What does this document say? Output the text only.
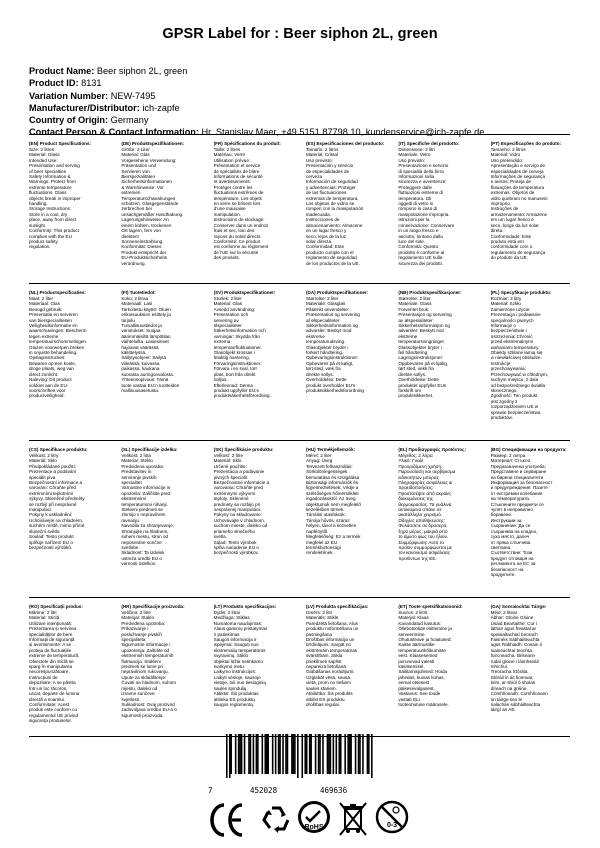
GPSR Label for : Beer siphon 2L, green
Product Name: Beer siphon 2L, green
Product ID: 8131
Variation Number: NEW-7495
Manufacturer/Distributor: ich-zapfe
Country of Origin: Germany
Contact Person & Contact Information: Hr. Stanislav Maer, +49 5151 87798 10, kundenservice@ich-zapfe.de
(EN) Product Specifications:
Size: 2 litres
Material: Glass
Intended Use:
Presentation and serving
of beer specialties
Safety Information &
Warnings: Protect from
extreme temperature
fluctuations. Glass
objects break in improper
handling.
Storage Instructions:
Store in a cool, dry
place, away from direct
sunlight.
Conformity: This product
complies with the EU
product safety
regulation.
(DE) Produktspezifikationen:
Größe: 2 Liter
Material: Glas
Vorgesehene Verwendung:
Präsentation und
Servieren von
Bierspezialitäten
Sicherheitsinformationen
& Warnhinweise: Vor
extremen
Temperaturschwankungen
schützen. Glasgegenstände
zerbrechen bei
unsachgemäßer Handhabung.
Lagerungshinweise: An
einem kühlen, trockenen
Ort lagern, fern von
direktem
Sonneneinstrahlung.
Konformität: Dieses
Produkt entspricht der
EU-Produktsicherheits
verordnung.
(FR) Spécifications du produit:
Taille: 2 litres
Matériau: Verre
Utilisation prévue:
Présentation et service
de spécialités de bière
Informations de sécurité
et avertissements:
Protéger contre les
fluctuations extrêmes de
température. Les objets
en verre se brisent lors
d'une mauvaise
manipulation.
Instructions de stockage:
Conserver dans un endroit
frais et sec, loin des
rayons du soleil directs.
Conformité: Ce produit
est conforme au règlement
de l'UE sur la sécurité
des produits.
(ES) Especificaciones del producto:
Tamaño: 2 litros
Material: Cristal
Uso previsto:
Presentación y servicio
de especialidades de
cerveza
Información de seguridad
y advertencias: Proteger
de las fluctuaciones
extremas de temperatura.
Los objetos de vidrio se
rompen con la manipulación
inadecuada.
Instrucciones de
almacenamiento: Almacene
en un lugar fresco y
seco, lejos de la luz
solar directa.
Conformidad: Este
producto cumple con el
reglamento de seguridad
de los productos de la UE.
(IT) Specifiche del prodotto:
Dimensione: 2 litri
Materiale: Vetro
Uso previsto:
Presentazione e servizio
di specialità della birra
Informazioni sulla
sicurezza e avvertenze:
Proteggere dalle
fluttuazioni estreme di
temperatura. Gli
oggetti di vetro si
rompono in caso di
manipolazione impropria.
Istruzioni per la
conservazione: Conservare
in un luogo fresco e
asciutto, lontano dalla
luce del sole.
Conformità: Questo
prodotto è conforme al
regolamento UE sulla
sicurezza dei prodotti.
(PT) Especificações do produto:
Tamanho: 2 litros
Material: Vidro
Uso pretendido:
Apresentação e serviço de
especialidades de cerveja
Informações de segurança
e avisos: Proteja de
flutuações de temperatura
extremas. Objetos de
vidro quebram no manuseio
impróprio.
Instruções de
armazenamento: Armazene
em um lugar fresco e
seco, longe da luz solar
direta.
Conformidade: Este
produto está em
conformidade com o
regulamento de segurança
do produto da UE.
(NL) Productspecificaties:
Maat: 2 liter
Materiaal: Glas
Beoogd gebruik:
Presentatie en serveren
van bierspecialiteiten
Veiligheidsinformatie en
waarschuwingen: Bescherm
tegen extreme
temperatuurschommelingen.
Glazen voorwerpen breken
in onjuiste behandeling.
Opslaginstructies:
Bewaren op een koele,
droge plaats, weg van
direct zonlicht.
Naleving: Dit product
voldoet aan de EU-
voorschriften voor
productveiligheid.
(FI) Tuotetiedot:
Koko: 2 litraa
Materiaali: Lasi
Tarkoitettu käyttö: Oluen
erikoisuuksien esittely ja
tarjoilu
Turvallisuustiedot ja
varoitukset: Suojaa
äärimmäisiltä lämpötilan
vaihteluilta. Lasiesineet
hajoavat väärässä
käsittelyssä.
Säilytysohjeet: Säilytä
viileässä, kuivassa
paikassa, kaukana
suorasta auringonvalosta.
Yhteensopivuus: Tämä
tuote vastaa EU:n tuotteiden
rvallisuusasetusta.
(SV) Produktspecifikationer:
Storlek: 2 liter
Material: Glas
Avsedd användning:
Presentation och
servering av
ölspecialiteter
Säkerhetsinformation och
varningar: Skydda från
extrema
temperaturfluktuationer.
Glasobjekt krossas i
felaktig hantering.
Förvaringsinstruktioner:
Förvara i en sval, torr
plats, bort från direkt
solljus.
Efterlevnad: Denna
produkt uppfyller EU:s
produktsäkerhetsförordning.
(DA) Produktspecifikationer:
Størrelse: 2 liter
Materiale: Glasglas
Påtænkt anvendelse:
Præsentation og servering
af ølspecialiteter
Sikkerhedsinformation og
advarsler: Beskyt mod
ekstreme
temperaturudsving.
Glasobjekter bryder i
forkert håndtering.
Opbevaringsinstruktioner:
Opbevares på et køligt,
tørt sted, væk fra
direkte sollys.
Overholdelse: Dette
produkt overholder EU's
produktsikkerhedsforordning
.
(NB) Produktspesifikasjoner:
Størrelse: 2 liter
Materiale: Glass
Forventet bruk:
Presentasjon og servering
av ølspesialiteter
Sikkerhetsinformasjon og
advarsler: Beskytt mot
ekstreme
temperatursvingninger.
Glassobjekter bryter i
feil håndtering.
Lagringsinstruksjoner:
Oppbevares på et kjølig,
tørt sted, vekk fra
direkte sollys.
Overholdelse: Dette
produktet oppfyller EUs
forskrift om
produktsikkerhet.
(PL) Specyfikacje produktu:
Rozmiar: 2 litry
Materiał: Szkło
Zamierzone użycie:
Prezentacja i podawanie
specjalności piwnych
Informacje o
bezpieczeństwie i
ostrzeżenia: Chronić
przed ekstremalnymi
wahaniami temperatury.
Obiekty szklane łamią się
w niewłaściwej obsłudze.
Instrukcje
przechowywania:
Przechowywać w chłodnym,
suchym miejscu, z dala
od bezpośredniego światła
słonecznego.
Zgodność: Ten produkt
jest zgodny z
rozporządzeniem UE w
sprawie bezpieczeństwa
produktów.
(CS) Specifikace produktu:
Velikost: 2 litry
Materiál: Sklo
Předpokládané použití:
Prezentace a podávání
speciálit piva
Bezpečnostní informace a
varování: Chraňte před
extrémními teplotními
výkyvy. Skleněné předměty
se rozbijí při nesprávné
manipulaci.
Pokyny k uskladnění:
Uchovávejte na chladném,
suchém místě, mimo přímé
sluneční světlo.
Soulad: Tento produkt
splňuje nařízení EU o
bezpečnosti výrobků.
(SL) Specifikacije izdelka:
Velikost: 2 litra
Material: Steklo
Predvidena uporaba:
Predstavitev in
serviranje pivskih
specialitet
Varnostne informacije in
opozorila: Zaščitite pred
ekstremnimi
temperaturnimi nihanji.
Stekleni predmeti se
zlomijo v nepravilnem
ravnanju.
Navodila za shranjevanje:
Shranjujte na hladnem,
suhem mestu, stran od
neposredne sončne
svetlobe.
Skladnost: Ta izdelek
ustreza uredbi EU o
varnosti izdelkov.
(SK) Špecifikácie produktu:
Veľkosť: 2 litre
Materiál: Sklo
Určené použitie:
Prezentácia a podávanie
pivných špecialít
Bezpečnostné informácie a
varovania: Chráňte pred
extrémnymi výkyvmi
teploty. Sklenené
predmety sa rozbijú pri
nesprávnej manipulácii.
Pokyny na skladovanie:
Uchovávajte v chladnom,
suchom mieste, ďaleko od
priameho slnečného
svetla.
Súlad: Tento výrobok
spĺňa nariadenie EÚ o
bezpečnosti výrobkov.
(HU) Termékjellemzők:
Méret: 2 liter
Anyag: Üveg
Tervezett felhasználás:
Sörkülönlegességek
bemutatása és szolgálása
Biztonsági információk és
figyelmeztetések: Védje a
szélsőséges hőmérsékleti
ingadozásoktól. Az üveg
objektumok nem megfelelő
kezelésben törnek.
Tárolási utasítások:
Tárolja hűvös, száraz
helyen, távol a közvetlen
napfénytől.
Megfelelőség: Ez a termék
megfelel az EU
termékbiztonsági
rendeletének.
(EL) Προδιαγραφές προϊόντος:
Μέγεθος: 2 λίτρα
Υλικό: Γυαλί
Προοριζόμενη χρήση:
Παρουσίαση και σερβίρισμα
ειδικοτήτων μπύρας
Πληροφορίες ασφάλειας &
προειδοποιήσεις:
Προστατέψτε από ακραίες
διακυμάνσεις της
θερμοκρασίας. Τα γυάλινα
αντικείμενα σπάνε σε
ακατάλληλο χειρισμό.
Οδηγίες αποθήκευσης:
Φυλάσσετε σε δροσερό,
ξηρό μέρος, μακριά από
το άμεσο φως του ήλιου.
Συμμόρφωση: Αυτό το
προϊόν συμμορφώνεται με
τον κανονισμό ασφάλειας
προϊόντων της ΕΕ.
(BG) Спецификации на продукта:
Размер: 2 литра
Материал: Стъкло
Предназначена употреба:
Представяне и сервиране
на бирени специалитети
Информация за безопасност
и предупреждения: Пазете
от екстремни колебания
на температурата.
Стъклените предмети се
чупят в неправилно
боравене.
Инструкции за
съхранение: Да се
съхранява на хладно,
сухо място, далеч
от пряка слънчева
светлина.
Съответствие: Този
продукт отговаря на
регламента на ЕС за
безопасност на
продуктите.
(RO) Specificații produs:
Mărime: 2 litri
Material: Sticlă
Utilizare intenționată:
Prezentarea și servirea
specialităților de bere
Informații de siguranță
și avertismente: A se
proteja de fluctuațiile
extreme de temperatură.
Obiectele din sticlă se
sparg în manipularea
necorespunzătoare.
Instrucțiuni de
depozitare: A se păstra
într-un loc răcoros,
uscat, departe de lumina
directă a soarelui.
Conformitate: Acest
produs este conform cu
regulamentul UE privind
siguranța produselor.
(HR) Specifikacije proizvoda:
Veličina: 2 litre
Materijal: Staklo
Predviđena upotreba:
Prikazivanje i
posluživanje pivskih
specijaliteta
Sigurnosne informacije i
upozorenja: Zaštitite od
ekstremnih temperaturnih
fluktuacija. Stakleni
predmeti se lome pri
nepravilnom rukovanju.
Upute za skladištenje:
Čuvati na hladnom, suhom
mjestu, daleko od
izravne sunčeve
svjetlosti.
Sukladnost: Ovaj proizvod
zadovoljava uredbu EU-a o
sigurnosti proizvoda.
(LT) Produkto specifikacijos:
Dydis: 2 litrai
Medžiaga: Stiklas
Numatoma naudojimas:
Alaus gaminių pristatymas
ir patiekimas
Saugos informacija ir
įspėjimai: Saugoti nuo
ekstremalių temperatūros
svyravimų. Stiklo
objektai lūžta netinkamo
tvarkymo metu.
Laikymo instrukcijos:
Laikyti vėsioje, sausoje
vietoje, toli nuo tiesioginių
saulės spindulių.
Atitiktis: Šis produktas
atitinka ES produktų
saugos reglamentą.
(LV) Produkta specifikācijas:
Izmērs: 2 litri
Materiāls: Stikls
Paredzētā lietošana: Alus
produktu noformēšana un
pasniegšana
Drošības informācija un
brīdinājumi: Sargāt no
ekstrēmām temperatūras
svārstībām. Stikla
priekšmeti saplīst
nepareizā lietošanā.
Glabāšanas norādījumi:
Uzglabāt vēsā, sausā
vietā, prom no tiešiem
saules stariem.
Atbilstība: Šis produkts
atbilst ES produktu
drošības regulai.
(ET) Toote spetsifikatsioonid:
Suurus: 2 liitrit
Materjal: Klaas
Kavandatud kasutus:
Õllebotoolide esitlemine ja
serveerimine
Ohutusteave ja hoiatused:
Kaitse äärmuslike
temperatuurikõikumiste
eest. Klaasesemed
purunevad valesti
käsitsemisel.
Säilitamisjuhised: Hoida
jahedas, kuivas kohas,
eemal otsesest
päikesevalgusest.
Vastavus: See toode
vastab ELi
tooteohutuse määrusele.
(GA) Sonraíochtaí Táirge:
Méid: 2 lítear
Ábhar: Gloine Gloine
Úsáid Beartaithe: Cur i
láthair agus freastal ar
speisialtachtaí beorach
Faisnéis Sábháilteachta
agus Rabhaidh: Cosain ó
luaineachtaí teochta
foircneacha. Briseann
rudaí gloine i láimhseáil
mhíchuí.
Treoracha Stórála:
Stóráil in áit fionnuar,
tirim, ar shiúl ó sholas
díreach na gréine.
Comhlíonadh: Comhlíonann
an táirge seo le
rialachán sábháilteachta
táirgí an AE.
7	452028	469636
RoHS	0-3
